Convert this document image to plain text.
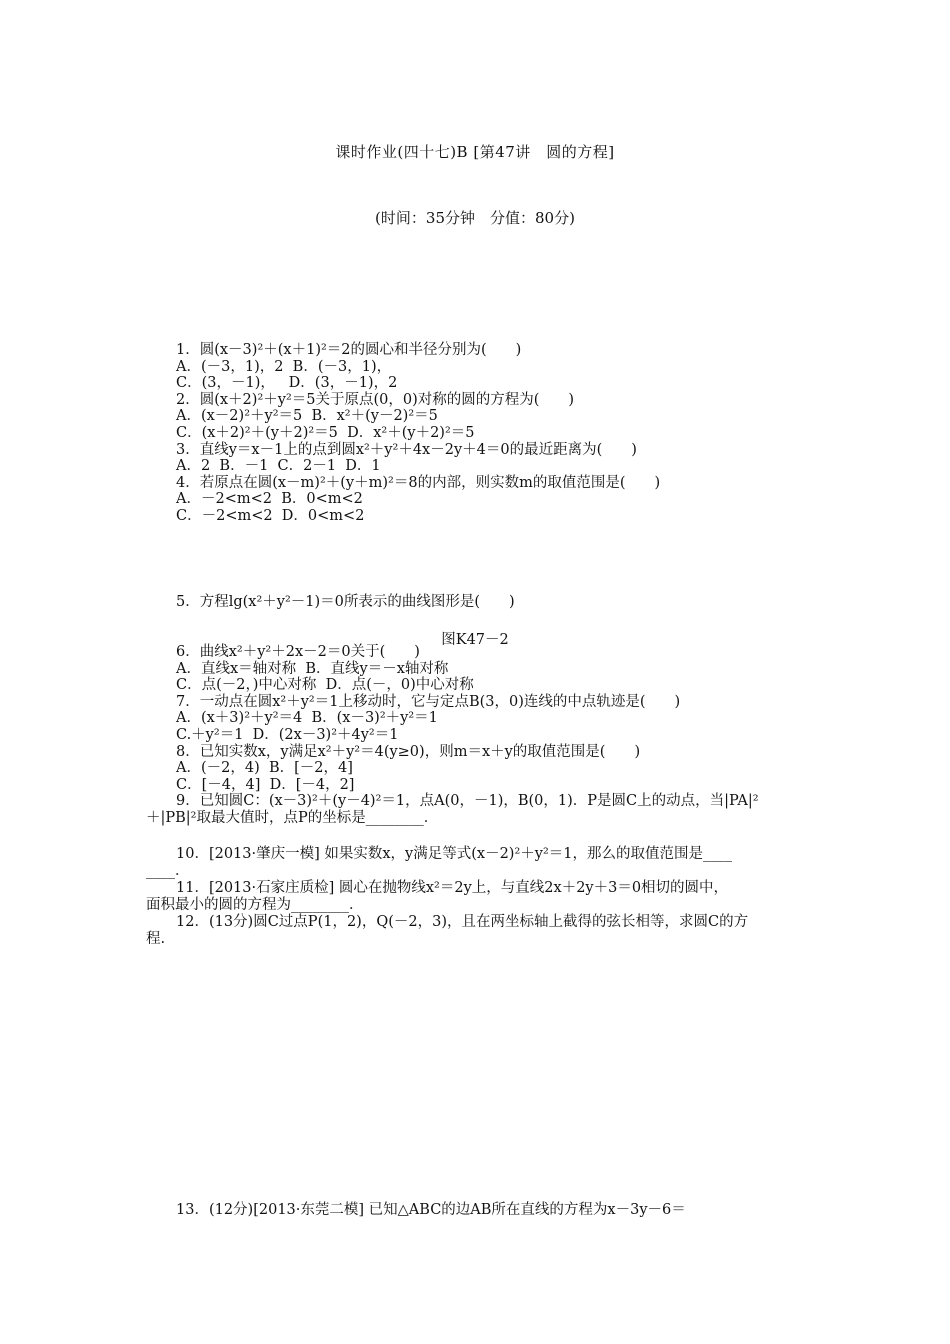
课时作业(四十七)B [第47讲　圆的方程]
(时间：35分钟　分值：80分)
1．圆(x－3)²＋(x＋1)²＝2的圆心和半径分别为(　　)
A．(－3，1)，2  B．(－3，1)，
C．(3，－1)，   D．(3，－1)，2
2．圆(x＋2)²＋y²＝5关于原点(0，0)对称的圆的方程为(　　)
A．(x－2)²＋y²＝5  B．x²＋(y－2)²＝5
C．(x＋2)²＋(y＋2)²＝5  D．x²＋(y＋2)²＝5
3．直线y＝x－1上的点到圆x²＋y²＋4x－2y＋4＝0的最近距离为(　　)
A．2  B．－1  C．2－1  D．1
4．若原点在圆(x－m)²＋(y＋m)²＝8的内部，则实数m的取值范围是(　　)
A．－2<m<2  B．0<m<2
C．－2<m<2  D．0<m<2
5．方程lg(x²＋y²－1)＝0所表示的曲线图形是(　　)
图K47－2
6．曲线x²＋y²＋2x－2＝0关于(　　)
A．直线x＝轴对称  B．直线y＝－x轴对称
C．点(－2，)中心对称  D．点(－，0)中心对称
7．一动点在圆x²＋y²＝1上移动时，它与定点B(3，0)连线的中点轨迹是(　　)
A．(x＋3)²＋y²＝4  B．(x－3)²＋y²＝1
C.＋y²＝1  D．(2x－3)²＋4y²＝1
8．已知实数x，y满足x²＋y²＝4(y≥0)，则m＝x＋y的取值范围是(　　)
A．(－2，4)  B．[－2，4]
C．[－4，4]  D．[－4，2]
9．已知圆C：(x－3)²＋(y－4)²＝1，点A(0，－1)，B(0，1)．P是圆C上的动点，当|PA|²
＋|PB|²取最大值时，点P的坐标是________．
10．[2013·肇庆一模] 如果实数x，y满足等式(x－2)²＋y²＝1，那么的取值范围是____
____．
11．[2013·石家庄质检] 圆心在抛物线x²＝2y上，与直线2x＋2y＋3＝0相切的圆中，
面积最小的圆的方程为________．
12．(13分)圆C过点P(1，2)，Q(－2，3)，且在两坐标轴上截得的弦长相等，求圆C的方
程.
13．(12分)[2013·东莞二模] 已知△ABC的边AB所在直线的方程为x－3y－6＝
